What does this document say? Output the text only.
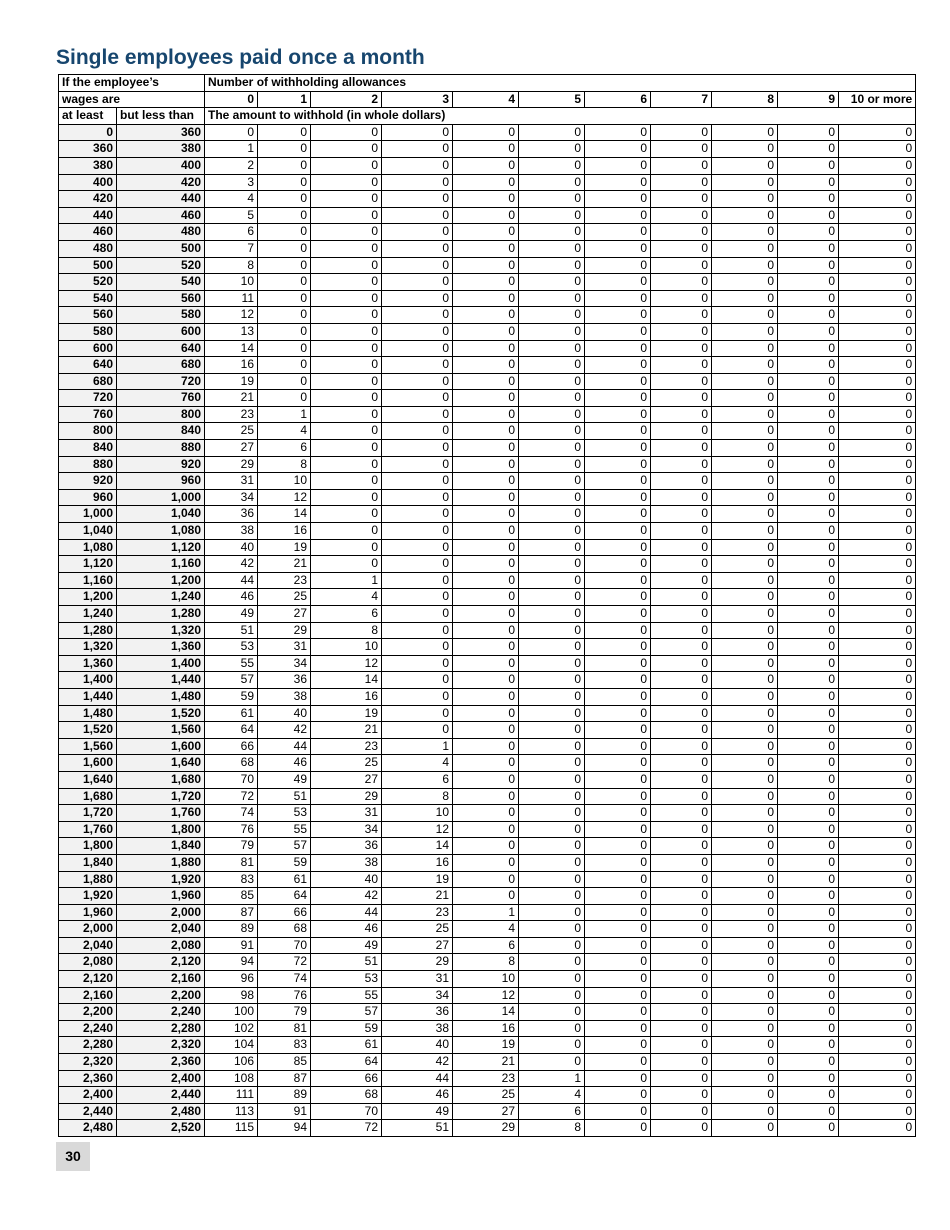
Single employees paid once a month
If the employee’s		Number of withholding allowances										
wages are		0	1	2	3	4	5	6	7	8	9	10 or more
at least	but less than	The amount to withhold (in whole dollars)										
0	360	0	0	0	0	0	0	0	0	0	0	0
360	380	1	0	0	0	0	0	0	0	0	0	0
380	400	2	0	0	0	0	0	0	0	0	0	0
400	420	3	0	0	0	0	0	0	0	0	0	0
420	440	4	0	0	0	0	0	0	0	0	0	0
440	460	5	0	0	0	0	0	0	0	0	0	0
460	480	6	0	0	0	0	0	0	0	0	0	0
480	500	7	0	0	0	0	0	0	0	0	0	0
500	520	8	0	0	0	0	0	0	0	0	0	0
520	540	10	0	0	0	0	0	0	0	0	0	0
540	560	11	0	0	0	0	0	0	0	0	0	0
560	580	12	0	0	0	0	0	0	0	0	0	0
580	600	13	0	0	0	0	0	0	0	0	0	0
600	640	14	0	0	0	0	0	0	0	0	0	0
640	680	16	0	0	0	0	0	0	0	0	0	0
680	720	19	0	0	0	0	0	0	0	0	0	0
720	760	21	0	0	0	0	0	0	0	0	0	0
760	800	23	1	0	0	0	0	0	0	0	0	0
800	840	25	4	0	0	0	0	0	0	0	0	0
840	880	27	6	0	0	0	0	0	0	0	0	0
880	920	29	8	0	0	0	0	0	0	0	0	0
920	960	31	10	0	0	0	0	0	0	0	0	0
960	1,000	34	12	0	0	0	0	0	0	0	0	0
1,000	1,040	36	14	0	0	0	0	0	0	0	0	0
1,040	1,080	38	16	0	0	0	0	0	0	0	0	0
1,080	1,120	40	19	0	0	0	0	0	0	0	0	0
1,120	1,160	42	21	0	0	0	0	0	0	0	0	0
1,160	1,200	44	23	1	0	0	0	0	0	0	0	0
1,200	1,240	46	25	4	0	0	0	0	0	0	0	0
1,240	1,280	49	27	6	0	0	0	0	0	0	0	0
1,280	1,320	51	29	8	0	0	0	0	0	0	0	0
1,320	1,360	53	31	10	0	0	0	0	0	0	0	0
1,360	1,400	55	34	12	0	0	0	0	0	0	0	0
1,400	1,440	57	36	14	0	0	0	0	0	0	0	0
1,440	1,480	59	38	16	0	0	0	0	0	0	0	0
1,480	1,520	61	40	19	0	0	0	0	0	0	0	0
1,520	1,560	64	42	21	0	0	0	0	0	0	0	0
1,560	1,600	66	44	23	1	0	0	0	0	0	0	0
1,600	1,640	68	46	25	4	0	0	0	0	0	0	0
1,640	1,680	70	49	27	6	0	0	0	0	0	0	0
1,680	1,720	72	51	29	8	0	0	0	0	0	0	0
1,720	1,760	74	53	31	10	0	0	0	0	0	0	0
1,760	1,800	76	55	34	12	0	0	0	0	0	0	0
1,800	1,840	79	57	36	14	0	0	0	0	0	0	0
1,840	1,880	81	59	38	16	0	0	0	0	0	0	0
1,880	1,920	83	61	40	19	0	0	0	0	0	0	0
1,920	1,960	85	64	42	21	0	0	0	0	0	0	0
1,960	2,000	87	66	44	23	1	0	0	0	0	0	0
2,000	2,040	89	68	46	25	4	0	0	0	0	0	0
2,040	2,080	91	70	49	27	6	0	0	0	0	0	0
2,080	2,120	94	72	51	29	8	0	0	0	0	0	0
2,120	2,160	96	74	53	31	10	0	0	0	0	0	0
2,160	2,200	98	76	55	34	12	0	0	0	0	0	0
2,200	2,240	100	79	57	36	14	0	0	0	0	0	0
2,240	2,280	102	81	59	38	16	0	0	0	0	0	0
2,280	2,320	104	83	61	40	19	0	0	0	0	0	0
2,320	2,360	106	85	64	42	21	0	0	0	0	0	0
2,360	2,400	108	87	66	44	23	1	0	0	0	0	0
2,400	2,440	111	89	68	46	25	4	0	0	0	0	0
2,440	2,480	113	91	70	49	27	6	0	0	0	0	0
2,480	2,520	115	94	72	51	29	8	0	0	0	0	0
30
